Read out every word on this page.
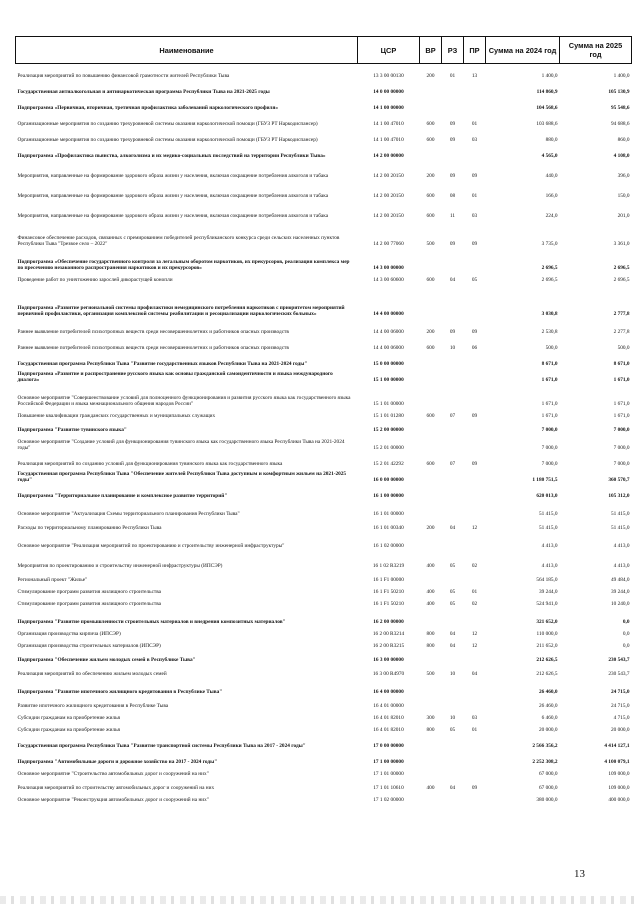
Наименование	ЦСР	ВР	РЗ	ПР	Сумма на 2024 год	Сумма на 2025 год
Реализация мероприятий по повышению финансовой грамотности жителей Республики Тыва	13 3 00 00130	200	01	13	1 400,0	1 400,0
Государственная антиалкогольная и антинаркотическая программа Республики Тыва на 2021-2025 годы	14 0 00 00000				114 860,9	105 130,9
Подпрограмма «Первичная, вторичная, третичная профилактика заболеваний наркологического профиля»	14 1 00 00000				104 568,6	95 548,6
Организационные мероприятия по созданию трехуровневой системы оказания наркологической помощи (ГБУЗ РТ Наркодиспансер)	14 1 00 47010	600	09	01	103 688,6	94 688,6
Организационные мероприятия по созданию трехуровневой системы оказания наркологической помощи (ГБУЗ РТ Наркодиспансер)	14 1 00 47010	600	09	03	880,0	860,0
Подпрограмма «Профилактика пьянства, алкоголизма и их медико-социальных последствий на территории Республики Тыва»	14 2 00 00000				4 565,0	4 108,0
Мероприятия, направленные на формирование здорового образа жизни у населения, включая сокращение потребления алкоголя и табака	14 2 00 20150	200	09	09	440,0	396,0
Мероприятия, направленные на формирование здорового образа жизни у населения, включая сокращение потребления алкоголя и табака	14 2 00 20150	600	08	01	166,0	150,0
Мероприятия, направленные на формирование здорового образа жизни у населения, включая сокращение потребления алкоголя и табака	14 2 00 20150	600	11	03	224,0	201,0
Финансовое обеспечение расходов, связанных с премированием победителей республиканского конкурса среди сельских населенных пунктов Республики Тыва "Трезвое село – 2022"	14 2 00 77060	500	09	09	3 735,0	3 361,0
Подпрограмма «Обеспечение государственного контроля за легальным оборотом наркотиков, их прекурсоров, реализация комплекса мер по пресечению незаконного распространения наркотиков и их прекурсоров»	14 3 00 00000				2 696,5	2 696,5
Проведение работ по уничтожению зарослей дикорастущей конопли	14 3 00 60600	600	04	05	2 696,5	2 696,5
Подпрограмма «Развитие региональной системы профилактики немедицинского потребления наркотиков с приоритетом мероприятий первичной профилактики, организация комплексной системы реабилитации и ресоциализации наркологических больных»	14 4 00 00000				3 030,8	2 777,8
Раннее выявление потребителей психотропных веществ среди несовершеннолетних и работников опасных производств	14 4 00 06000	200	09	09	2 530,8	2 277,8
Раннее выявление потребителей психотропных веществ среди несовершеннолетних и работников опасных производств	14 4 00 06000	600	10	06	500,0	500,0
Государственная программа Республики Тыва "Развитие государственных языков Республики Тыва на 2021-2024 годы"	15 0 00 00000				8 671,0	8 671,0
Подпрограмма «Развитие и распространение русского языка как основы гражданской самоидентичности и языка международного диалога»	15 1 00 00000				1 671,0	1 671,0
Основное мероприятие "Совершенствование условий для полноценного функционирования и развития русского языка как государственного языка Российской Федерации и языка межнационального общения народов России"	15 1 01 00000				1 671,0	1 671,0
Повышение квалификации гражданских государственных и муниципальных служащих	15 1 01 01280	600	07	09	1 671,0	1 671,0
Подпрограмма "Развитие тувинского языка"	15 2 00 00000				7 000,0	7 000,0
Основное мероприятие "Создание условий для функционирования тувинского языка как государственного языка Республики Тыва на 2021-2024 годы"	15 2 01 00000				7 000,0	7 000,0
Реализация мероприятий по созданию условий для функционирования тувинского языка как государственного языка	15 2 01 42292	600	07	09	7 000,0	7 000,0
Государственная программа Республики Тыва "Обеспечение жителей Республики Тыва доступным и комфортным жильем на 2021-2025 годы"	16 0 00 00000				1 180 751,5	360 570,7
Подпрограмма "Территориальное планирование и комплексное развитие территорий"	16 1 00 00000				620 013,0	105 312,0
Основное мероприятие "Актуализация Схемы территориального планирования Республики Тыва"	16 1 01 00000				51 415,0	51 415,0
Расходы по территориальному планированию Республики Тыва	16 1 01 00340	200	04	12	51 415,0	51 415,0
Основное мероприятие "Реализация мероприятий по проектированию и строительству инженерной инфраструктуры"	16 1 02 00000				4 413,0	4 413,0
Мероприятия по проектированию и строительству инженерной инфраструктуры (ИПСЭР)	16 1 02 R3219	400	05	02	4 413,0	4 413,0
Региональный проект "Жилье"	16 1 F1 00000				564 185,0	49 484,0
Стимулирование программ развития жилищного строительства	16 1 F1 50210	400	05	01	39 244,0	39 244,0
Стимулирование программ развития жилищного строительства	16 1 F1 50210	400	05	02	524 941,0	10 240,0
Подпрограмма "Развитие промышленности строительных материалов и внедрения композитных материалов"	16 2 00 00000				321 652,0	0,0
Организация производства кирпича (ИПСЭР)	16 2 00 R3214	800	04	12	110 000,0	0,0
Организация производства строительных материалов (ИПСЭР)	16 2 00 R3215	800	04	12	211 652,0	0,0
Подпрограмма "Обеспечение жильем молодых семей в Республике Тыва"	16 3 00 00000				212 626,5	230 543,7
Реализация мероприятий по обеспечению жильем молодых семей	16 3 00 R4970	500	10	04	212 626,5	230 543,7
Подпрограмма "Развитие ипотечного жилищного кредитования в Республике Тыва"	16 4 00 00000				26 460,0	24 715,0
Развитие ипотечного жилищного кредитования в Республике Тыва	16 4 01 00000				26 460,0	24 715,0
Субсидии гражданам на приобретение жилья	16 4 01 82010	300	10	03	6 460,0	4 715,0
Субсидии гражданам на приобретение жилья	16 4 01 82010	800	05	01	20 000,0	20 000,0
Государственная программа Республики Тыва "Развитие транспортной системы Республики Тыва на 2017 - 2024 годы"	17 0 00 00000				2 566 356,2	4 414 127,1
Подпрограмма "Автомобильные дороги и дорожное хозяйство на 2017 - 2024 годы"	17 1 00 00000				2 252 308,2	4 100 079,1
Основное мероприятие "Строительство автомобильных дорог и сооружений на них"	17 1 01 00000				67 000,0	109 000,0
Реализация мероприятий по строительству автомобильных дорог и сооружений на них	17 1 01 10610	400	04	09	67 000,0	109 000,0
Основное мероприятие "Реконструкция автомобильных дорог и сооружений на них"	17 1 02 00000				380 000,0	400 000,0
13
